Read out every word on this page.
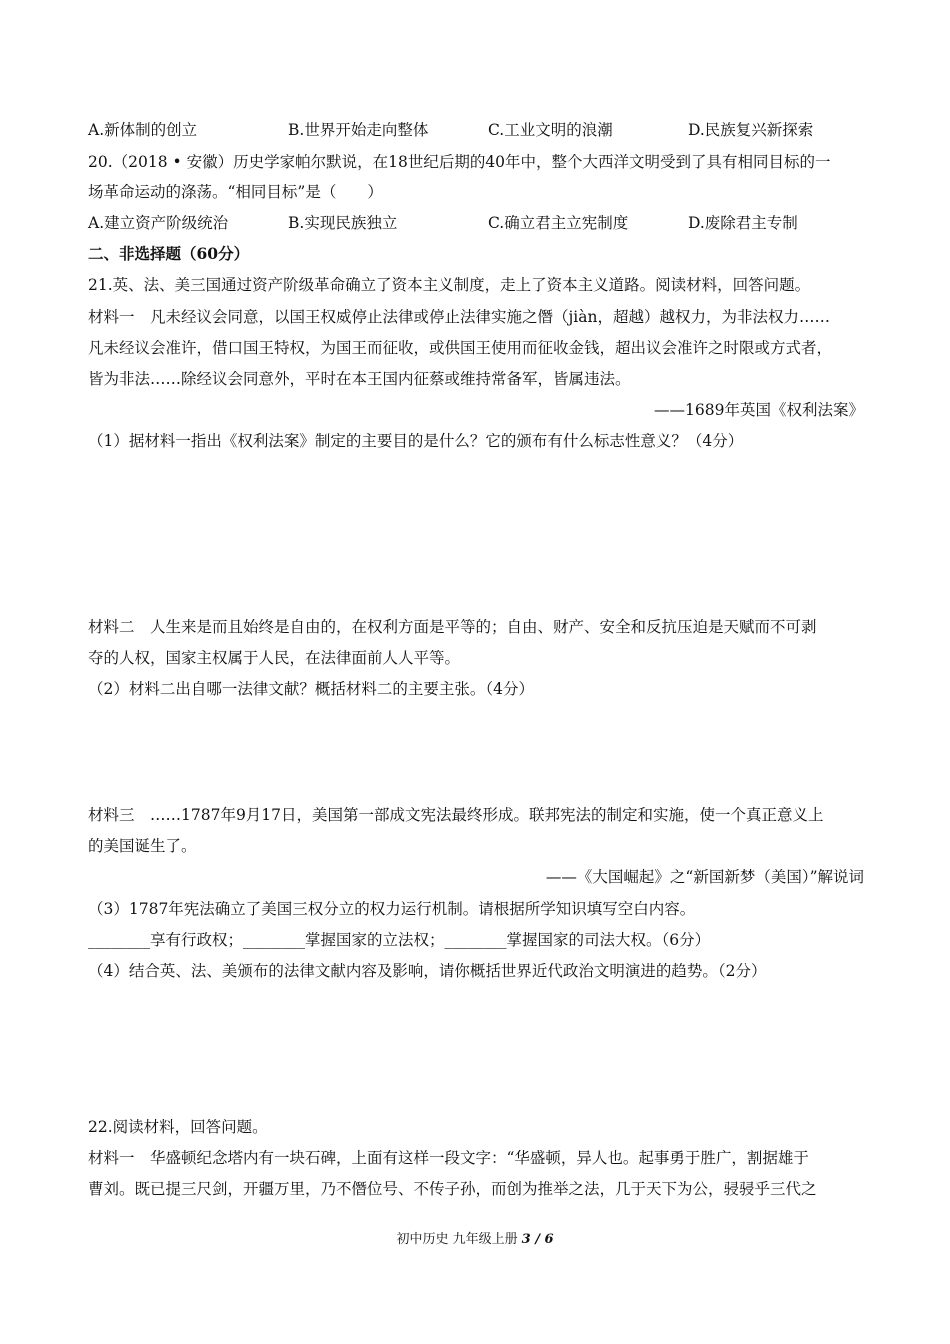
A.新体制的创立	B.世界开始走向整体	C.工业文明的浪潮	D.民族复兴新探索
20.（2018 • 安徽）历史学家帕尔默说，在18世纪后期的40年中，整个大西洋文明受到了具有相同目标的一
场革命运动的涤荡。“相同目标”是（　　）
A.建立资产阶级统治	B.实现民族独立	C.确立君主立宪制度	D.废除君主专制
二、非选择题（60分）
21.英、法、美三国通过资产阶级革命确立了资本主义制度，走上了资本主义道路。阅读材料，回答问题。
材料一　凡未经议会同意，以国王权威停止法律或停止法律实施之僭（jiàn，超越）越权力，为非法权力……
凡未经议会准许，借口国王特权，为国王而征收，或供国王使用而征收金钱，超出议会准许之时限或方式者，
皆为非法……除经议会同意外，平时在本王国内征蔡或维持常备军，皆属违法。
——1689年英国《权利法案》
（1）据材料一指出《权利法案》制定的主要目的是什么？它的颁布有什么标志性意义？（4分）
材料二　人生来是而且始终是自由的，在权利方面是平等的；自由、财产、安全和反抗压迫是天赋而不可剥
夺的人权，国家主权属于人民，在法律面前人人平等。
（2）材料二出自哪一法律文献？概括材料二的主要主张。（4分）
材料三　……1787年9月17日，美国第一部成文宪法最终形成。联邦宪法的制定和实施，使一个真正意义上
的美国诞生了。
——《大国崛起》之“新国新梦（美国）”解说词
（3）1787年宪法确立了美国三权分立的权力运行机制。请根据所学知识填写空白内容。
________享有行政权；________掌握国家的立法权；________掌握国家的司法大权。（6分）
（4）结合英、法、美颁布的法律文献内容及影响，请你概括世界近代政治文明演进的趋势。（2分）
22.阅读材料，回答问题。
材料一　华盛顿纪念塔内有一块石碑，上面有这样一段文字：“华盛顿，异人也。起事勇于胜广，割据雄于
曹刘。既已提三尺剑，开疆万里，乃不僭位号、不传子孙，而创为推举之法，几于天下为公，骎骎乎三代之
初中历史 九年级上册 3 / 6
